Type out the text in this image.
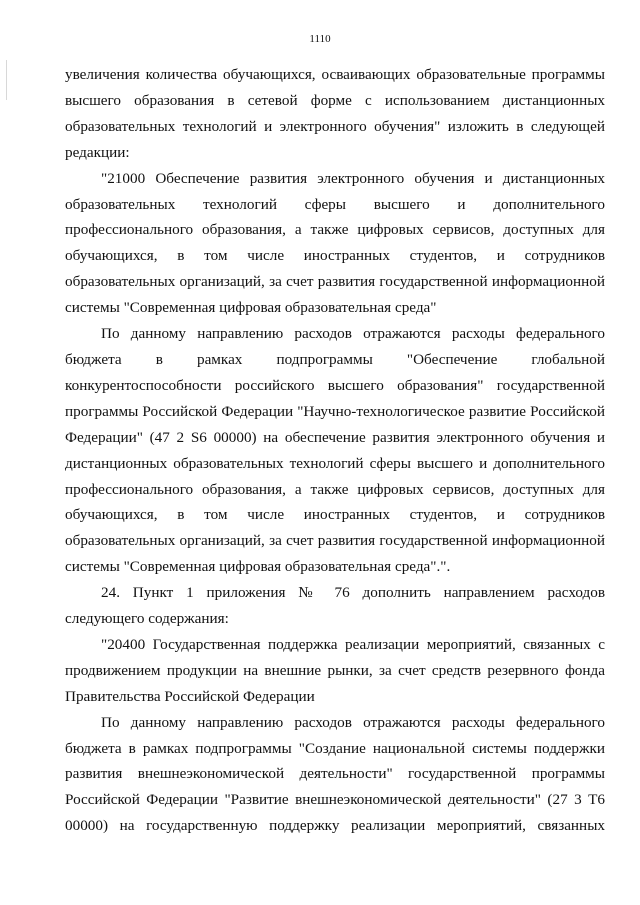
1110

увеличения количества обучающихся, осваивающих образовательные программы высшего образования в сетевой форме с использованием дистанционных образовательных технологий и электронного обучения" изложить в следующей редакции:

"21000 Обеспечение развития электронного обучения и дистанционных образовательных технологий сферы высшего и дополнительного профессионального образования, а также цифровых сервисов, доступных для обучающихся, в том числе иностранных студентов, и сотрудников образовательных организаций, за счет развития государственной информационной системы "Современная цифровая образовательная среда"

По данному направлению расходов отражаются расходы федерального бюджета в рамках подпрограммы "Обеспечение глобальной конкурентоспособности российского высшего образования" государственной программы Российской Федерации "Научно-технологическое развитие Российской Федерации" (47 2 S6 00000) на обеспечение развития электронного обучения и дистанционных образовательных технологий сферы высшего и дополнительного профессионального образования, а также цифровых сервисов, доступных для обучающихся, в том числе иностранных студентов, и сотрудников образовательных организаций, за счет развития государственной информационной системы "Современная цифровая образовательная среда".".

24. Пункт 1 приложения № 76 дополнить направлением расходов следующего содержания:

"20400 Государственная поддержка реализации мероприятий, связанных с продвижением продукции на внешние рынки, за счет средств резервного фонда Правительства Российской Федерации

По данному направлению расходов отражаются расходы федерального бюджета в рамках подпрограммы "Создание национальной системы поддержки развития внешнеэкономической деятельности" государственной программы Российской Федерации "Развитие внешнеэкономической деятельности" (27 3 Т6 00000) на государственную поддержку реализации мероприятий, связанных
